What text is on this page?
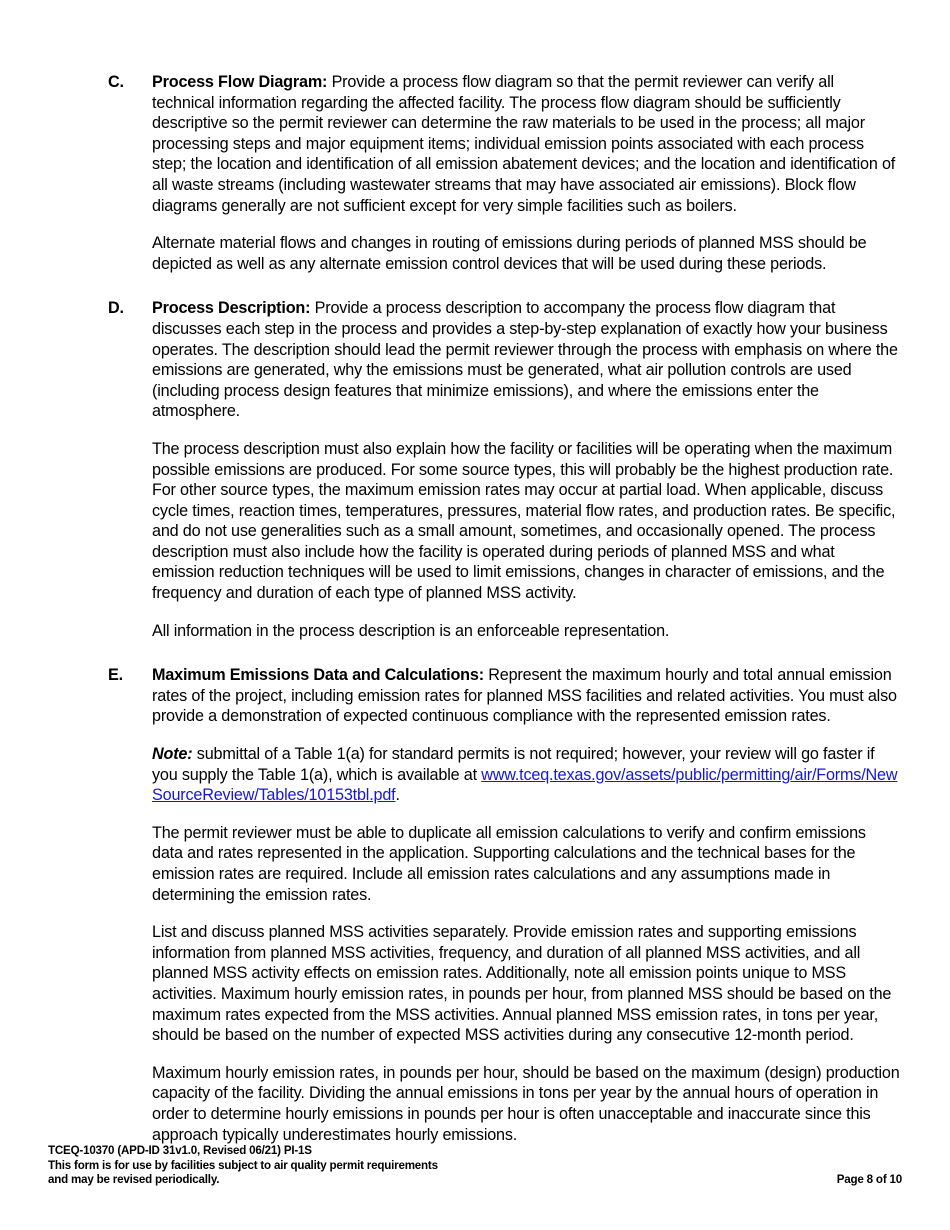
C.	Process Flow Diagram: Provide a process flow diagram so that the permit reviewer can verify all technical information regarding the affected facility. The process flow diagram should be sufficiently descriptive so the permit reviewer can determine the raw materials to be used in the process; all major processing steps and major equipment items; individual emission points associated with each process step; the location and identification of all emission abatement devices; and the location and identification of all waste streams (including wastewater streams that may have associated air emissions). Block flow diagrams generally are not sufficient except for very simple facilities such as boilers.
Alternate material flows and changes in routing of emissions during periods of planned MSS should be depicted as well as any alternate emission control devices that will be used during these periods.
D.	Process Description: Provide a process description to accompany the process flow diagram that discusses each step in the process and provides a step-by-step explanation of exactly how your business operates. The description should lead the permit reviewer through the process with emphasis on where the emissions are generated, why the emissions must be generated, what air pollution controls are used (including process design features that minimize emissions), and where the emissions enter the atmosphere.
The process description must also explain how the facility or facilities will be operating when the maximum possible emissions are produced. For some source types, this will probably be the highest production rate. For other source types, the maximum emission rates may occur at partial load. When applicable, discuss cycle times, reaction times, temperatures, pressures, material flow rates, and production rates. Be specific, and do not use generalities such as a small amount, sometimes, and occasionally opened. The process description must also include how the facility is operated during periods of planned MSS and what emission reduction techniques will be used to limit emissions, changes in character of emissions, and the frequency and duration of each type of planned MSS activity.
All information in the process description is an enforceable representation.
E.	Maximum Emissions Data and Calculations: Represent the maximum hourly and total annual emission rates of the project, including emission rates for planned MSS facilities and related activities. You must also provide a demonstration of expected continuous compliance with the represented emission rates.
Note: submittal of a Table 1(a) for standard permits is not required; however, your review will go faster if you supply the Table 1(a), which is available at www.tceq.texas.gov/assets/public/permitting/air/Forms/NewSourceReview/Tables/10153tbl.pdf.
The permit reviewer must be able to duplicate all emission calculations to verify and confirm emissions data and rates represented in the application. Supporting calculations and the technical bases for the emission rates are required. Include all emission rates calculations and any assumptions made in determining the emission rates.
List and discuss planned MSS activities separately. Provide emission rates and supporting emissions information from planned MSS activities, frequency, and duration of all planned MSS activities, and all planned MSS activity effects on emission rates. Additionally, note all emission points unique to MSS activities. Maximum hourly emission rates, in pounds per hour, from planned MSS should be based on the maximum rates expected from the MSS activities. Annual planned MSS emission rates, in tons per year, should be based on the number of expected MSS activities during any consecutive 12-month period.
Maximum hourly emission rates, in pounds per hour, should be based on the maximum (design) production capacity of the facility. Dividing the annual emissions in tons per year by the annual hours of operation in order to determine hourly emissions in pounds per hour is often unacceptable and inaccurate since this approach typically underestimates hourly emissions.
TCEQ-10370 (APD-ID 31v1.0, Revised 06/21) PI-1S
This form is for use by facilities subject to air quality permit requirements
and may be revised periodically.	Page 8 of 10
